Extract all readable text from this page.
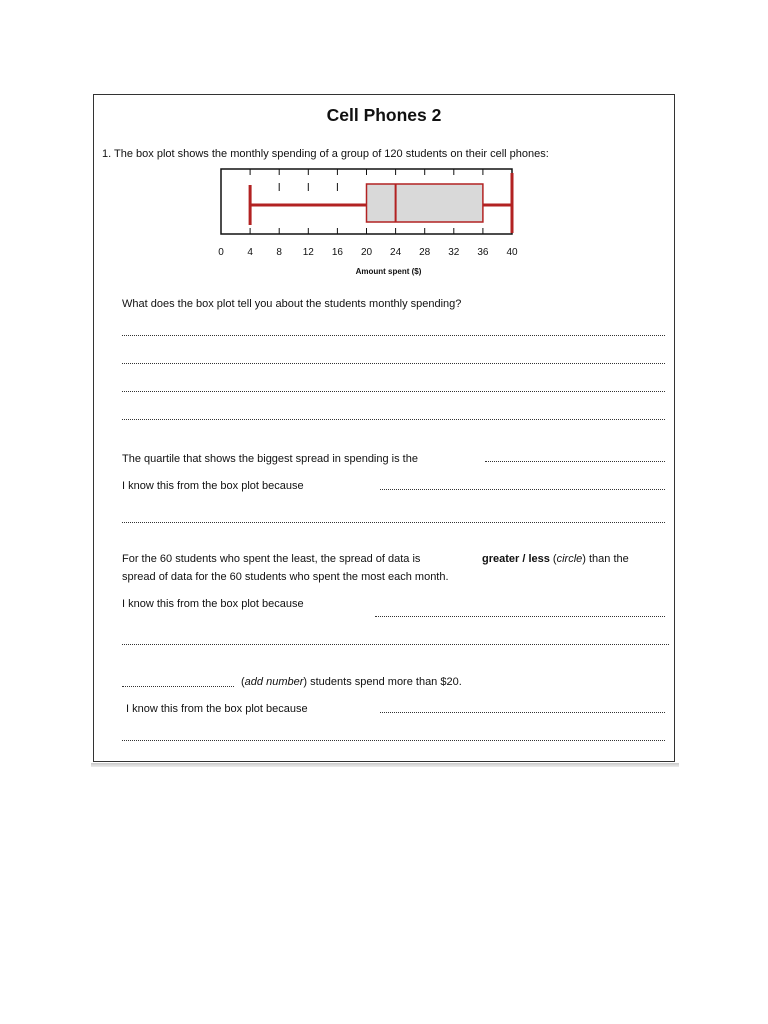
Cell Phones 2
1. The box plot shows the monthly spending of a group of 120 students on their cell phones:
0 4 8 12 16 20 24 28 32 36 40
Amount spent ($)
What does the box plot tell you about the students monthly spending?
The quartile that shows the biggest spread in spending is the
I know this from the box plot because
For the 60 students who spent the least, the spread of data is	greater / less (circle) than the
spread of data for the 60 students who spent the most each month.
I know this from the box plot because
(add number) students spend more than $20.
I know this from the box plot because
